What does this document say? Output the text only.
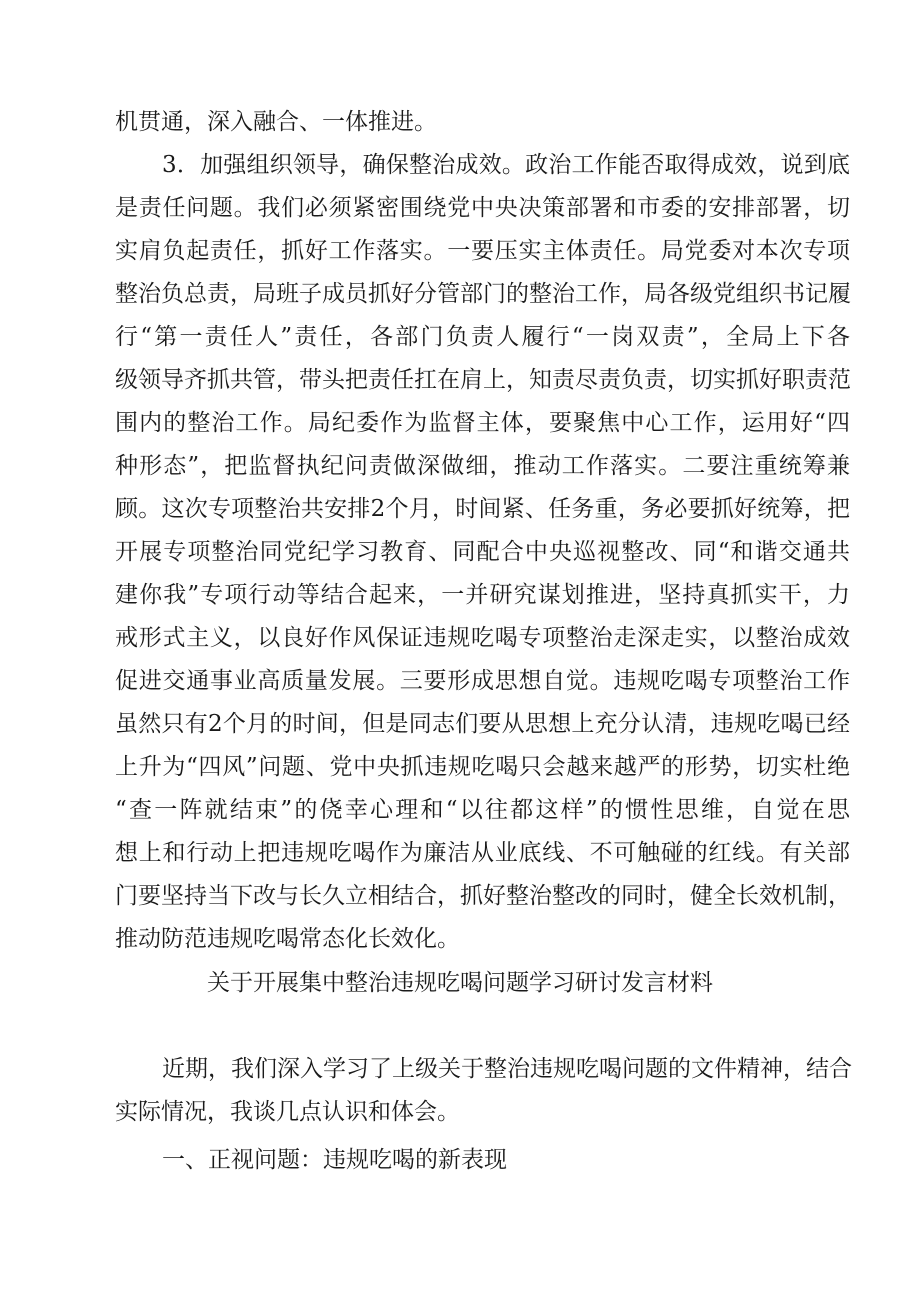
机贯通，深入融合、一体推进。
3．加强组织领导，确保整治成效。政治工作能否取得成效，说到底
是责任问题。我们必须紧密围绕党中央决策部署和市委的安排部署，切
实肩负起责任，抓好工作落实。一要压实主体责任。局党委对本次专项
整治负总责，局班子成员抓好分管部门的整治工作，局各级党组织书记履
行“第一责任人”责任，各部门负责人履行“一岗双责”，全局上下各
级领导齐抓共管，带头把责任扛在肩上，知责尽责负责，切实抓好职责范
围内的整治工作。局纪委作为监督主体，要聚焦中心工作，运用好“四
种形态”，把监督执纪问责做深做细，推动工作落实。二要注重统筹兼
顾。这次专项整治共安排2个月，时间紧、任务重，务必要抓好统筹，把
开展专项整治同党纪学习教育、同配合中央巡视整改、同“和谐交通共
建你我”专项行动等结合起来，一并研究谋划推进，坚持真抓实干，力
戒形式主义，以良好作风保证违规吃喝专项整治走深走实，以整治成效
促进交通事业高质量发展。三要形成思想自觉。违规吃喝专项整治工作
虽然只有2个月的时间，但是同志们要从思想上充分认清，违规吃喝已经
上升为“四风”问题、党中央抓违规吃喝只会越来越严的形势，切实杜绝
“查一阵就结束”的侥幸心理和“以往都这样”的惯性思维，自觉在思
想上和行动上把违规吃喝作为廉洁从业底线、不可触碰的红线。有关部
门要坚持当下改与长久立相结合，抓好整治整改的同时，健全长效机制，
推动防范违规吃喝常态化长效化。
关于开展集中整治违规吃喝问题学习研讨发言材料
近期，我们深入学习了上级关于整治违规吃喝问题的文件精神，结合
实际情况，我谈几点认识和体会。
一、正视问题：违规吃喝的新表现
